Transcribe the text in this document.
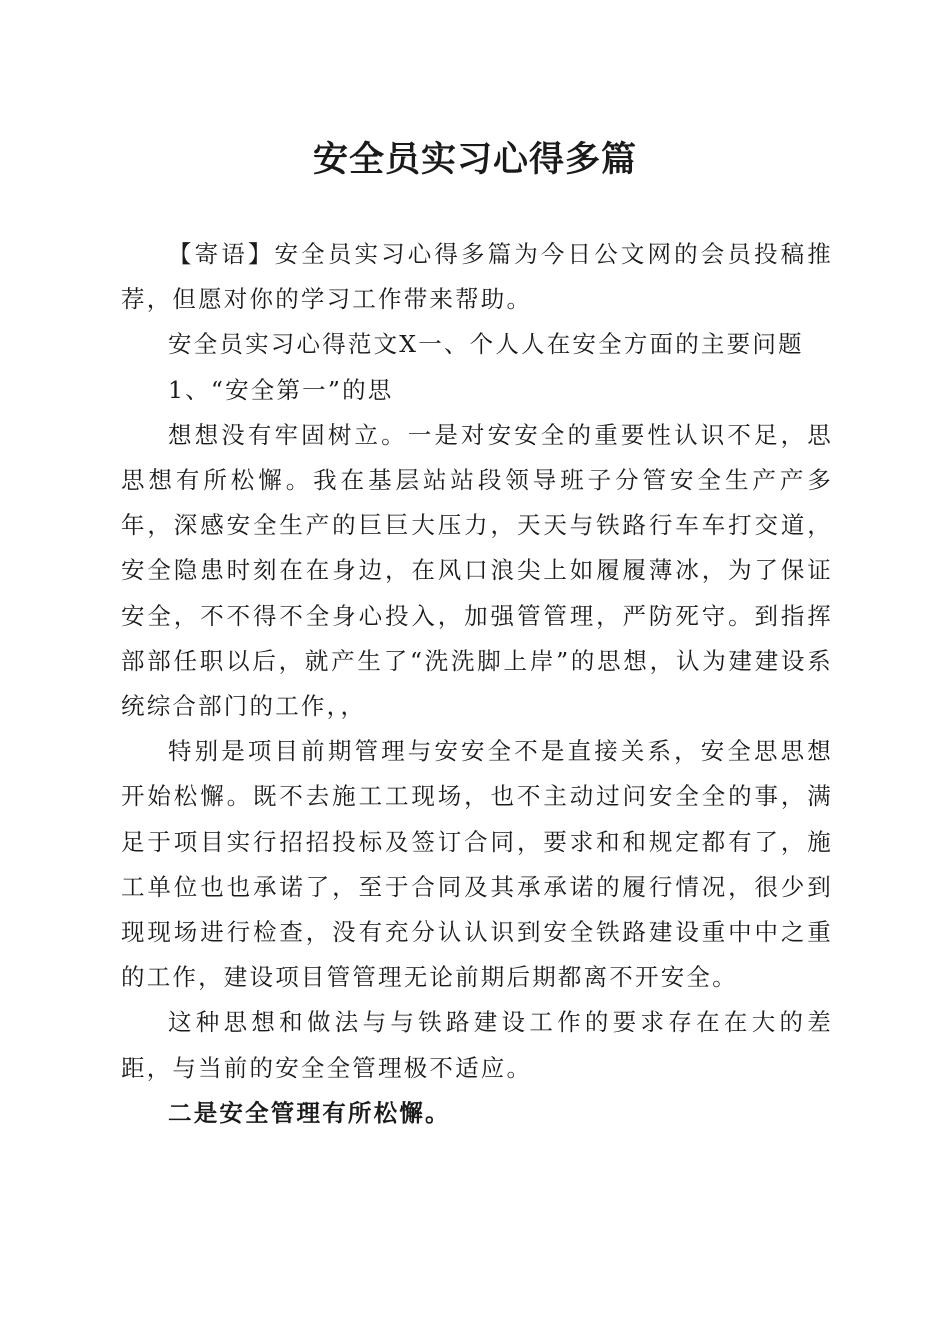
安全员实习心得多篇

【寄语】安全员实习心得多篇为今日公文网的会员投稿推荐，但愿对你的学习工作带来帮助。

安全员实习心得范文X一、个人人在安全方面的主要问题

1、“安全第一”的思

想想没有牢固树立。一是对安安全的重要性认识不足，思思想有所松懈。我在基层站站段领导班子分管安全生产产多年，深感安全生产的巨巨大压力，天天与铁路行车车打交道，安全隐患时刻在在身边，在风口浪尖上如履履薄冰，为了保证安全，不不得不全身心投入，加强管管理，严防死守。到指挥部部任职以后，就产生了“洗洗脚上岸”的思想，认为建建设系统综合部门的工作，，

特别是项目前期管理与安安全不是直接关系，安全思思想开始松懈。既不去施工工现场，也不主动过问安全全的事，满足于项目实行招招投标及签订合同，要求和和规定都有了，施工单位也也承诺了，至于合同及其承承诺的履行情况，很少到现现场进行检查，没有充分认认识到安全铁路建设重中中之重的工作，建设项目管管理无论前期后期都离不开安全。

这种思想和做法与与铁路建设工作的要求存在在大的差距，与当前的安全全管理极不适应。

二是安全管理有所松懈。
